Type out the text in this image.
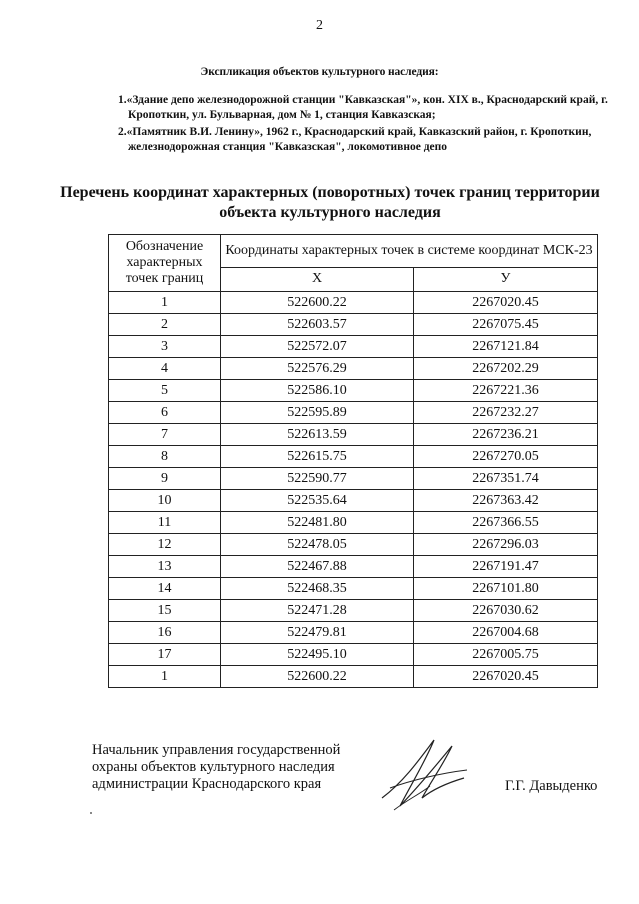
2
Экспликация объектов культурного наследия:
1.«Здание депо железнодорожной станции "Кавказская"», кон. XIX в., Краснодарский край, г. Кропоткин, ул. Бульварная, дом № 1, станция Кавказская;
2.«Памятник В.И. Ленину», 1962 г., Краснодарский край, Кавказский район, г. Кропоткин, железнодорожная станция "Кавказская", локомотивное депо
Перечень координат характерных (поворотных) точек границ территории объекта культурного наследия
Обозначение характерных точек границ	Координаты характерных точек в системе координат МСК-23	
	X	У
1	522600.22	2267020.45
2	522603.57	2267075.45
3	522572.07	2267121.84
4	522576.29	2267202.29
5	522586.10	2267221.36
6	522595.89	2267232.27
7	522613.59	2267236.21
8	522615.75	2267270.05
9	522590.77	2267351.74
10	522535.64	2267363.42
11	522481.80	2267366.55
12	522478.05	2267296.03
13	522467.88	2267191.47
14	522468.35	2267101.80
15	522471.28	2267030.62
16	522479.81	2267004.68
17	522495.10	2267005.75
1	522600.22	2267020.45
Начальник управления государственной охраны объектов культурного наследия администрации Краснодарского края	Г.Г. Давыденко
